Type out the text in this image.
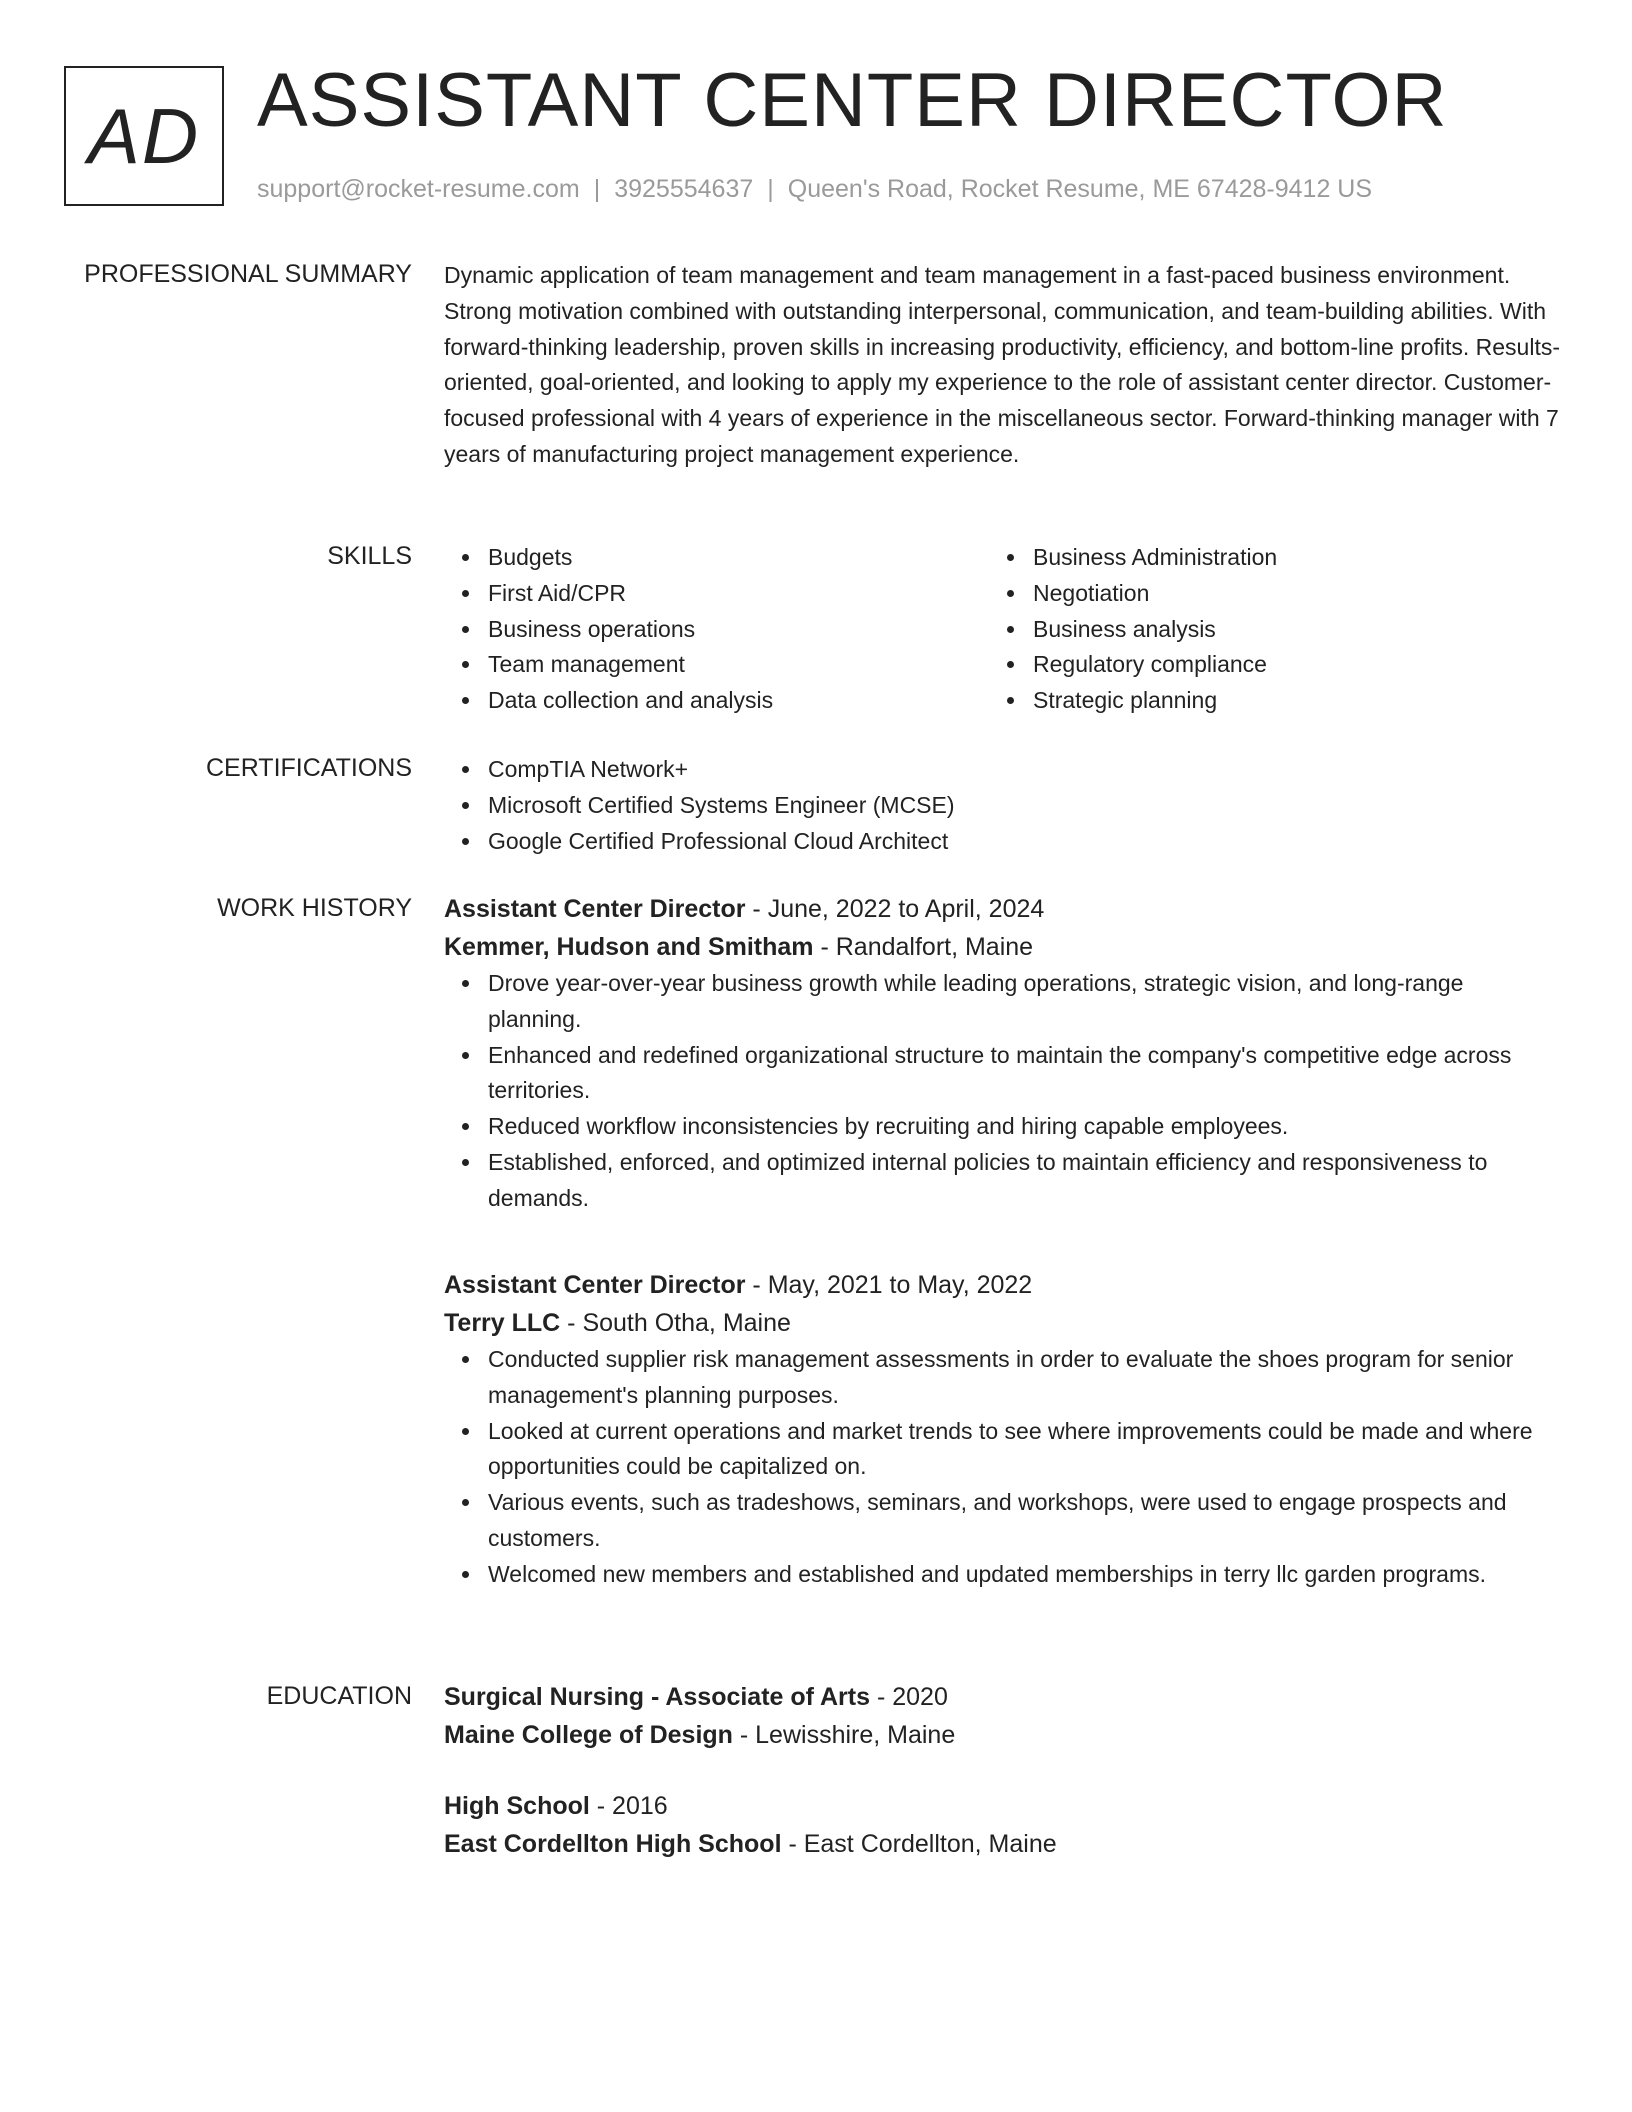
AD ASSISTANT CENTER DIRECTOR
support@rocket-resume.com | 3925554637 | Queen's Road, Rocket Resume, ME 67428-9412 US
PROFESSIONAL SUMMARY Dynamic application of team management and team management in a fast-paced business environment. Strong motivation combined with outstanding interpersonal, communication, and team-building abilities. With forward-thinking leadership, proven skills in increasing productivity, efficiency, and bottom-line profits. Results-oriented, goal-oriented, and looking to apply my experience to the role of assistant center director. Customer-focused professional with 4 years of experience in the miscellaneous sector. Forward-thinking manager with 7 years of manufacturing project management experience.

SKILLS	Budgets
First Aid/CPR
Business operations
Team management
Data collection and analysis
Business Administration
Negotiation
Business analysis
Regulatory compliance
Strategic planning
CERTIFICATIONS	CompTIA Network+
Microsoft Certified Systems Engineer (MCSE)
Google Certified Professional Cloud Architect
WORK HISTORY Assistant Center Director - June, 2022 to April, 2024
Kemmer, Hudson and Smitham - Randalfort, Maine
Drove year-over-year business growth while leading operations, strategic vision, and long-range planning.
Enhanced and redefined organizational structure to maintain the company's competitive edge across territories.
Reduced workflow inconsistencies by recruiting and hiring capable employees.
Established, enforced, and optimized internal policies to maintain efficiency and responsiveness to demands.
Assistant Center Director - May, 2021 to May, 2022
Terry LLC - South Otha, Maine
Conducted supplier risk management assessments in order to evaluate the shoes program for senior management's planning purposes.
Looked at current operations and market trends to see where improvements could be made and where opportunities could be capitalized on.
Various events, such as tradeshows, seminars, and workshops, were used to engage prospects and customers.
Welcomed new members and established and updated memberships in terry llc garden programs.
EDUCATION Surgical Nursing - Associate of Arts - 2020
Maine College of Design - Lewisshire, Maine
High School - 2016
East Cordellton High School - East Cordellton, Maine
